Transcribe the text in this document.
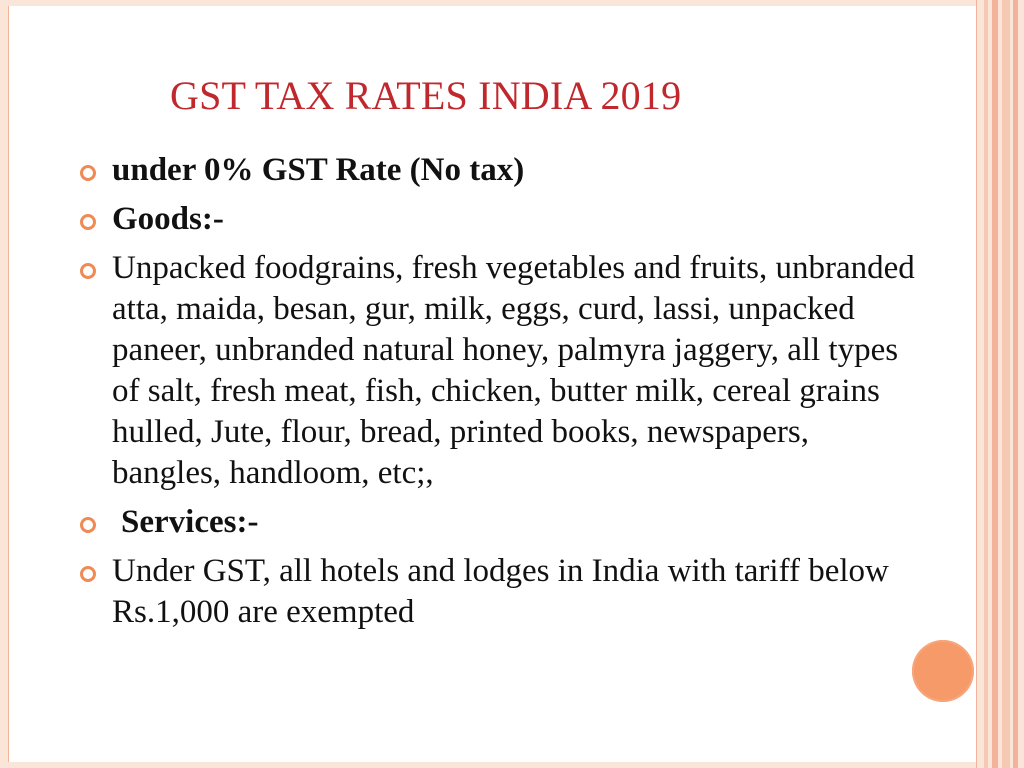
GST TAX RATES INDIA 2019
under 0% GST Rate (No tax)
Goods:-
Unpacked foodgrains, fresh vegetables and fruits, unbranded atta, maida, besan, gur, milk, eggs, curd, lassi, unpacked paneer, unbranded natural honey, palmyra jaggery, all types of salt, fresh meat, fish, chicken, butter milk, cereal grains hulled, Jute, flour, bread, printed books, newspapers, bangles, handloom, etc;,
Services:-
Under GST, all hotels and lodges in India with tariff below Rs.1,000 are exempted
